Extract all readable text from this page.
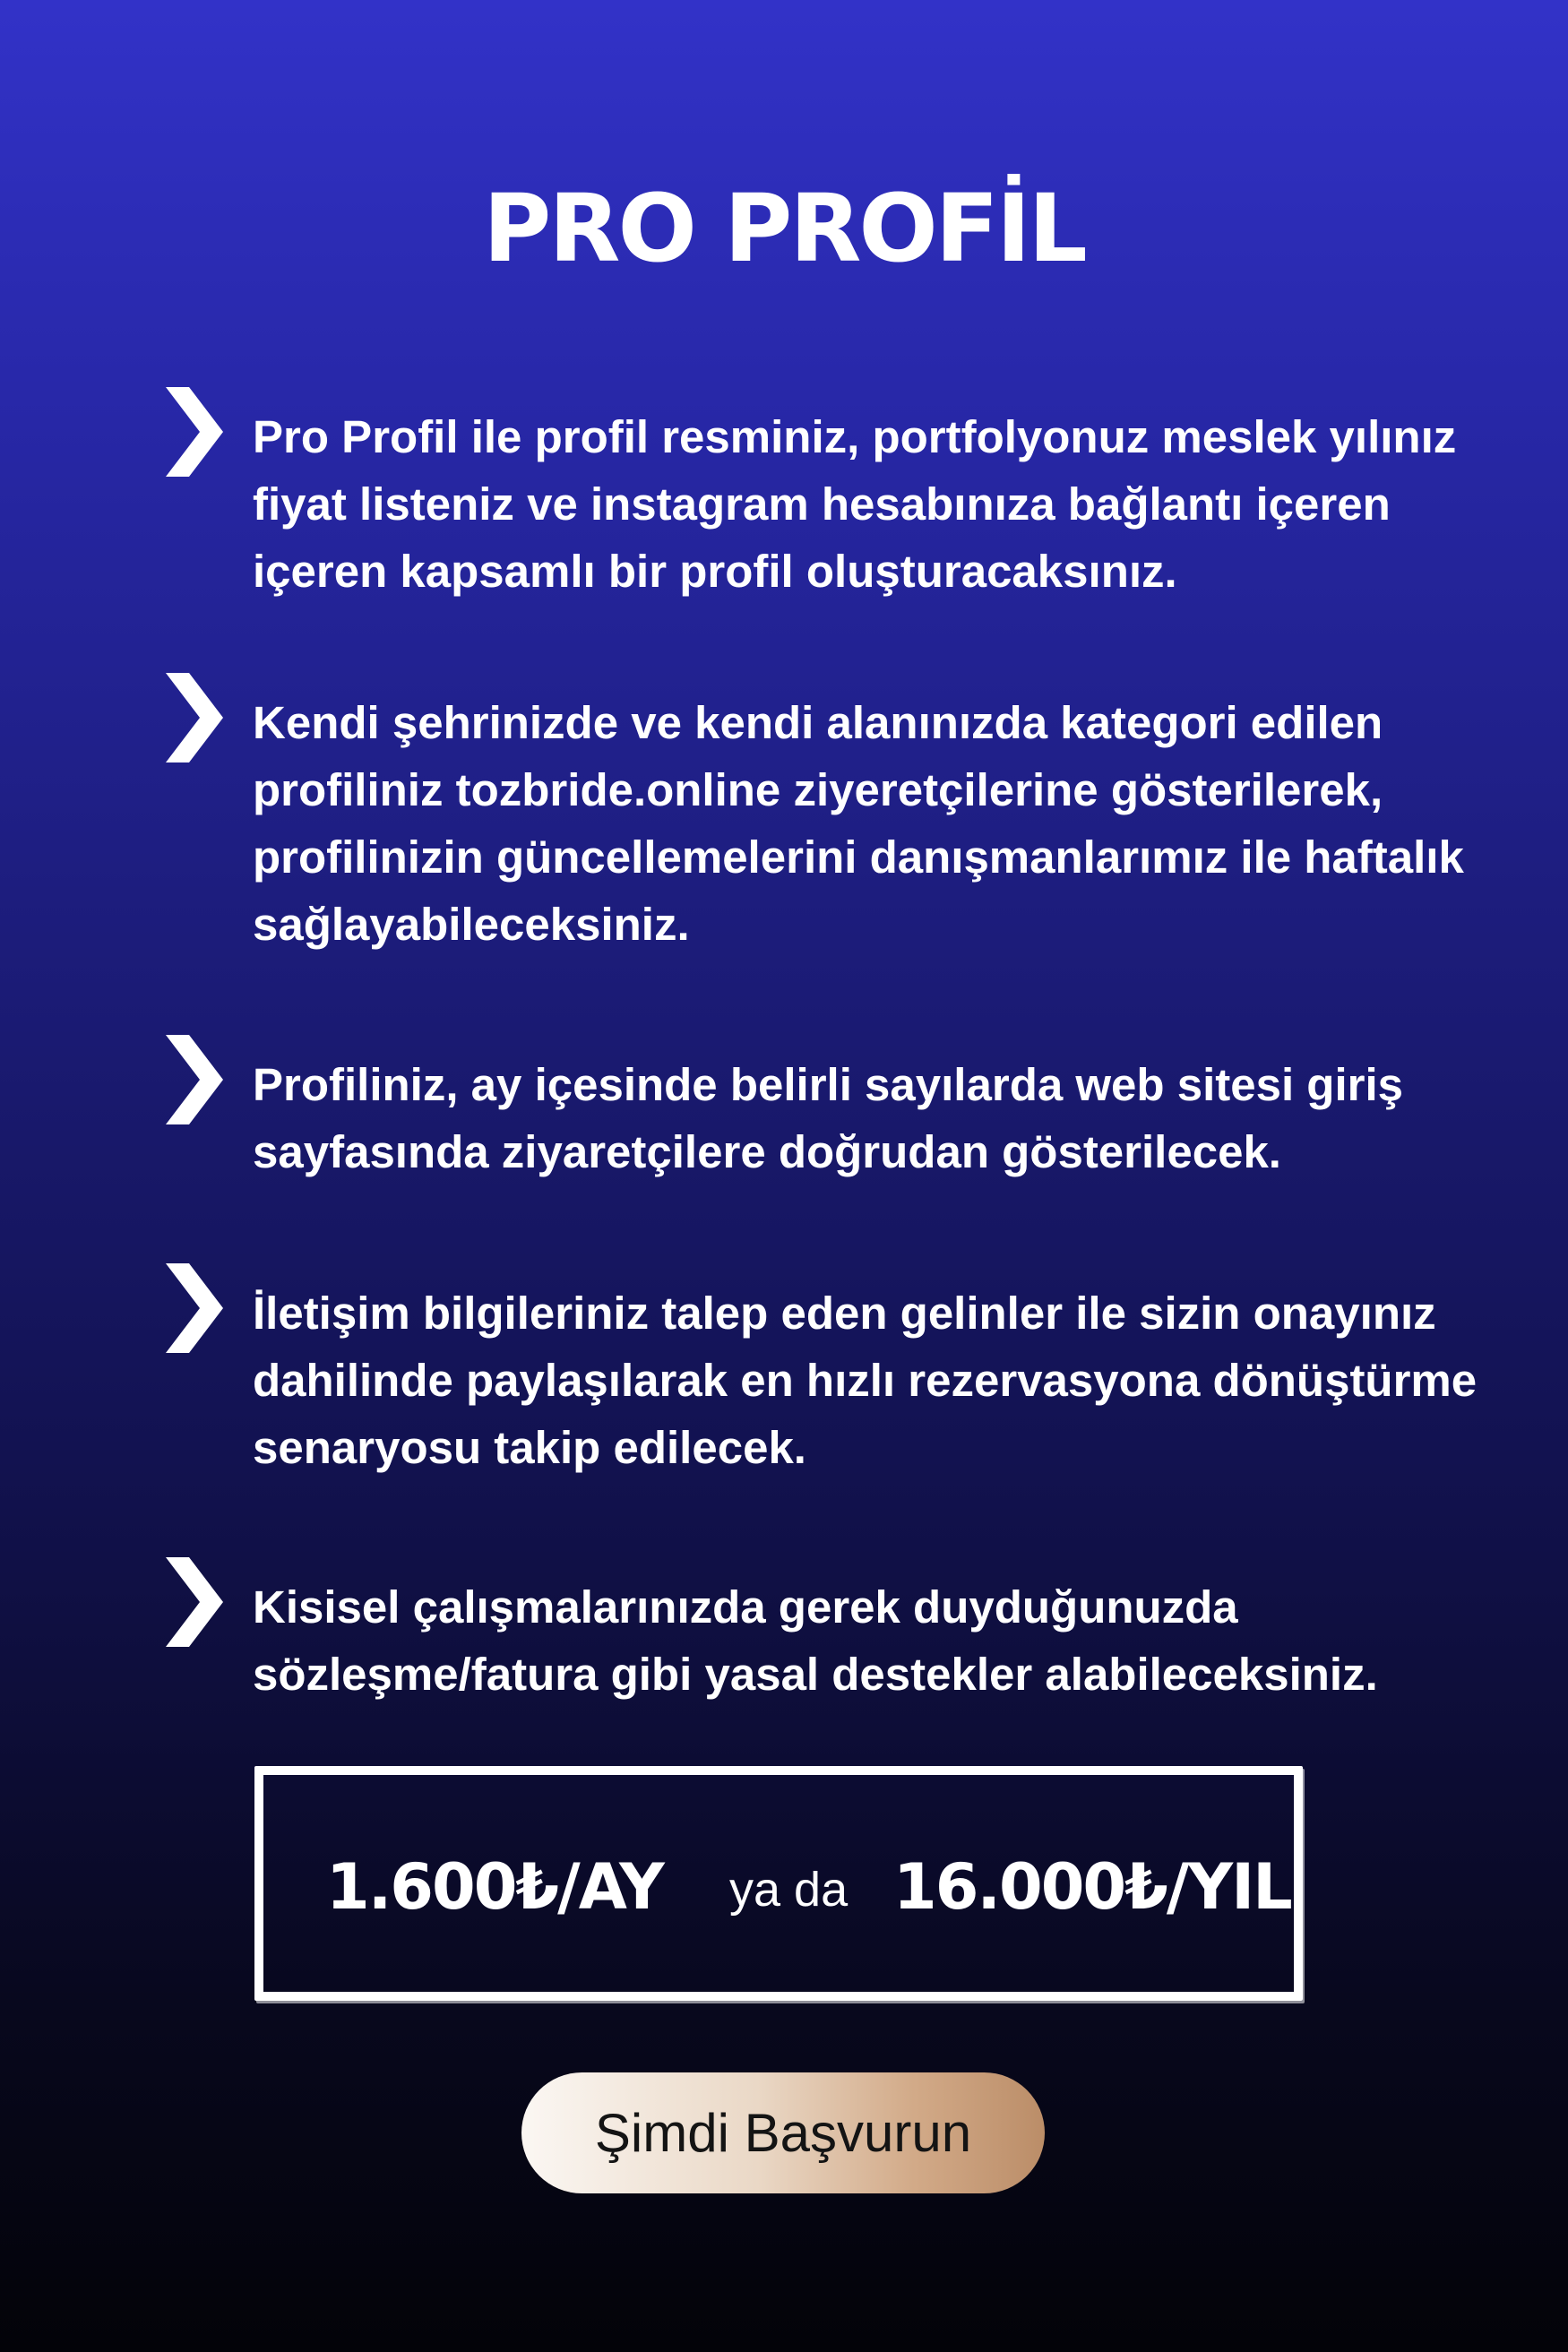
PRO PROFİL

Pro Profil ile profil resminiz, portfolyonuz meslek yılınız fiyat listeniz ve instagram hesabınıza bağlantı içeren içeren kapsamlı bir profil oluşturacaksınız.

Kendi şehrinizde ve kendi alanınızda kategori edilen profiliniz tozbride.online ziyeretçilerine gösterilerek, profilinizin güncellemelerini danışmanlarımız ile haftalık sağlayabileceksiniz.

Profiliniz, ay içesinde belirli sayılarda web sitesi giriş sayfasında ziyaretçilere doğrudan gösterilecek.

İletişim bilgileriniz talep eden gelinler ile sizin onayınız dahilinde paylaşılarak en hızlı rezervasyona dönüştürme senaryosu takip edilecek.

Kisisel çalışmalarınızda gerek duyduğunuzda sözleşme/fatura gibi yasal destekler alabileceksiniz.

1.600₺/AY ya da 16.000₺/YIL
Şimdi Başvurun
